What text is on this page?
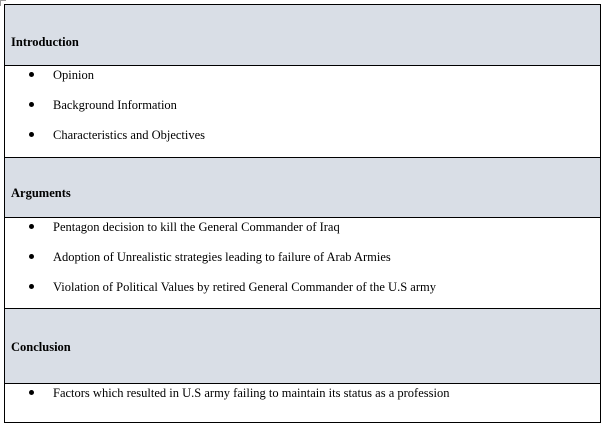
Introduction
Opinion
Background Information
Characteristics and Objectives
Arguments
Pentagon decision to kill the General Commander of Iraq
Adoption of Unrealistic strategies leading to failure of Arab Armies
Violation of Political Values by retired General Commander of the U.S army
Conclusion
Factors which resulted in U.S army failing to maintain its status as a profession
